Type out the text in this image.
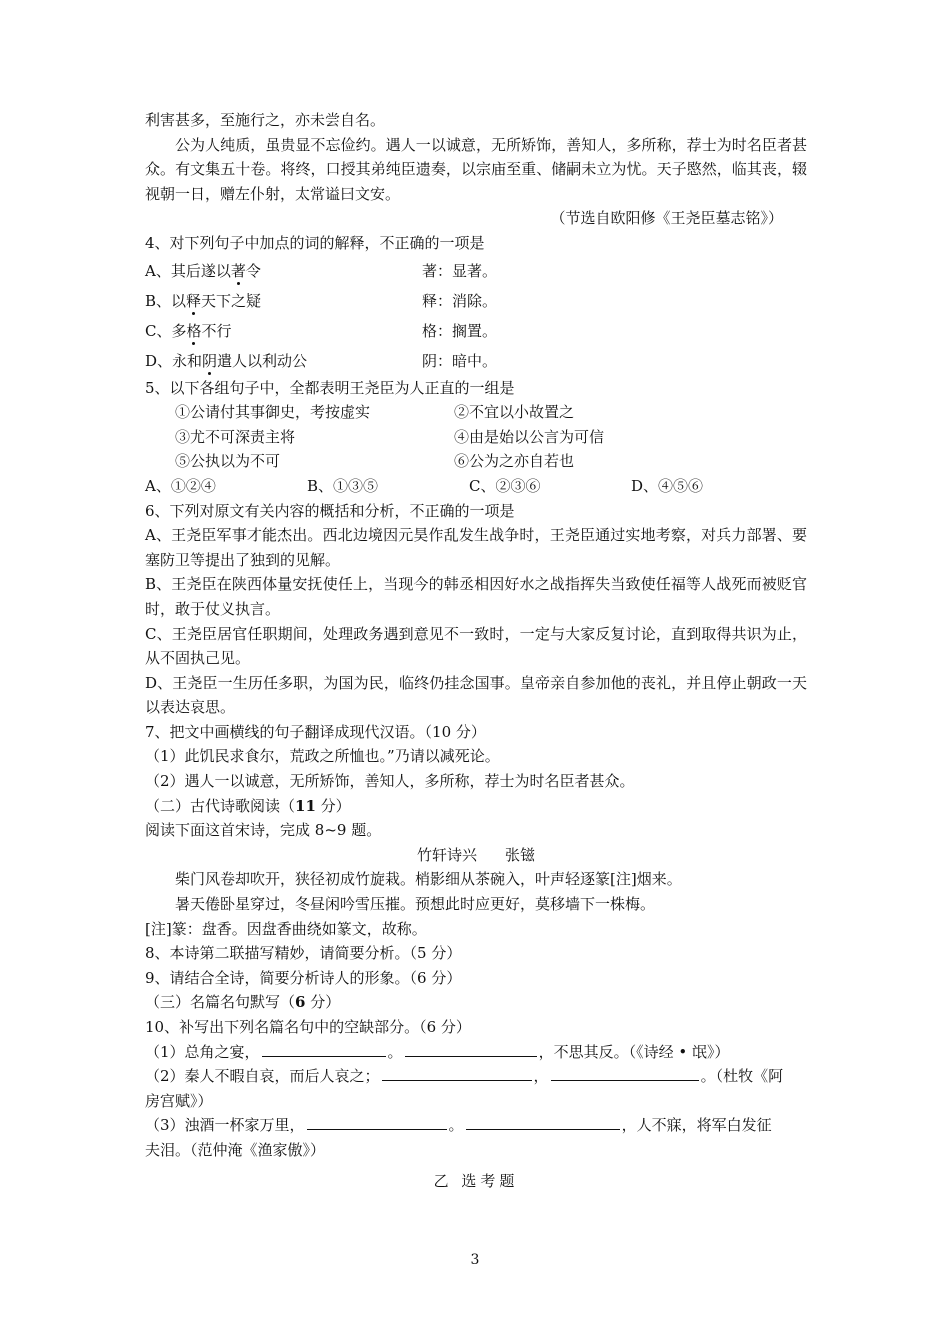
利害甚多，至施行之，亦未尝自名。
公为人纯质，虽贵显不忘俭约。遇人一以诚意，无所矫饰，善知人，多所称，荐士为时名臣者甚众。有文集五十卷。将终，口授其弟纯臣遗奏，以宗庙至重、储嗣未立为忧。天子愍然，临其丧，辍视朝一日，赠左仆射，太常谥曰文安。
（节选自欧阳修《王尧臣墓志铭》）
4、对下列句子中加点的词的解释，不正确的一项是
A、其后遂以著令	著：显著。
B、以释天下之疑	释：消除。
C、多格不行	格：搁置。
D、永和阴遣人以利动公	阴：暗中。
5、以下各组句子中，全都表明王尧臣为人正直的一组是
①公请付其事御史，考按虚实	②不宜以小故置之
③尤不可深责主将	④由是始以公言为可信
⑤公执以为不可	⑥公为之亦自若也
A、①②④	B、①③⑤	C、②③⑥	D、④⑤⑥
6、下列对原文有关内容的概括和分析，不正确的一项是
A、王尧臣军事才能杰出。西北边境因元昊作乱发生战争时，王尧臣通过实地考察，对兵力部署、要塞防卫等提出了独到的见解。
B、王尧臣在陕西体量安抚使任上，当现今的韩丞相因好水之战指挥失当致使任福等人战死而被贬官时，敢于仗义执言。
C、王尧臣居官任职期间，处理政务遇到意见不一致时，一定与大家反复讨论，直到取得共识为止，从不固执己见。
D、王尧臣一生历任多职，为国为民，临终仍挂念国事。皇帝亲自参加他的丧礼，并且停止朝政一天以表达哀思。
7、把文中画横线的句子翻译成现代汉语。（10 分）
（1）此饥民求食尔，荒政之所恤也。”乃请以减死论。
（2）遇人一以诚意，无所矫饰，善知人，多所称，荐士为时名臣者甚众。
（二）古代诗歌阅读（11 分）
阅读下面这首宋诗，完成 8~9 题。
竹轩诗兴 张镃
柴门风卷却吹开，狭径初成竹旋栽。梢影细从茶碗入，叶声轻逐篆[注]烟来。
暑天倦卧星穿过，冬昼闲吟雪压摧。预想此时应更好，莫移墙下一株梅。
[注]篆：盘香。因盘香曲绕如篆文，故称。
8、本诗第二联描写精妙，请简要分析。（5 分）
9、请结合全诗，简要分析诗人的形象。（6 分）
（三）名篇名句默写（6 分）
10、补写出下列名篇名句中的空缺部分。（6 分）
（1）总角之宴，	。	，不思其反。（《诗经 • 氓》）
（2）秦人不暇自哀，而后人哀之；	，	。（杜牧《阿
房宫赋》）
（3）浊酒一杯家万里，	。	，人不寐，将军白发征
夫泪。（范仲淹《渔家傲》）
乙 选考题
3
